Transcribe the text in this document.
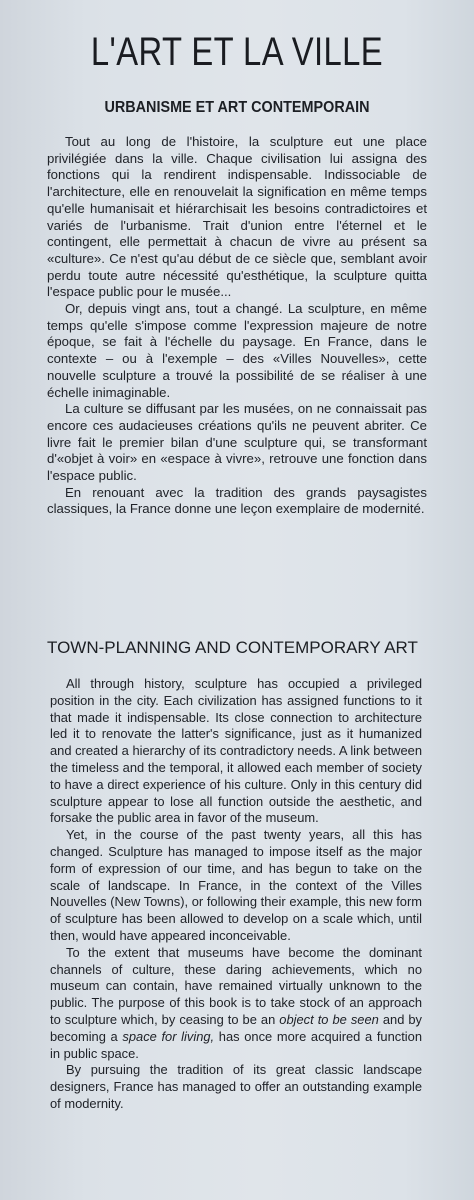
L'ART ET LA VILLE
URBANISME ET ART CONTEMPORAIN

Tout au long de l'histoire, la sculpture eut une place privilégiée dans la ville. Chaque civilisation lui assigna des fonctions qui la rendirent indispensable. Indissociable de l'architecture, elle en renouvelait la signification en même temps qu'elle humanisait et hiérarchisait les besoins contradictoires et variés de l'urbanisme. Trait d'union entre l'éternel et le contingent, elle permettait à chacun de vivre au présent sa «culture». Ce n'est qu'au début de ce siècle que, semblant avoir perdu toute autre nécessité qu'esthétique, la sculpture quitta l'espace public pour le musée...

Or, depuis vingt ans, tout a changé. La sculpture, en même temps qu'elle s'impose comme l'expression majeure de notre époque, se fait à l'échelle du paysage. En France, dans le contexte – ou à l'exemple – des «Villes Nouvelles», cette nouvelle sculpture a trouvé la possibilité de se réaliser à une échelle inimaginable.

La culture se diffusant par les musées, on ne connaissait pas encore ces audacieuses créations qu'ils ne peuvent abriter. Ce livre fait le premier bilan d'une sculpture qui, se transformant d'«objet à voir» en «espace à vivre», retrouve une fonction dans l'espace public.

En renouant avec la tradition des grands paysagistes classiques, la France donne une leçon exemplaire de modernité.

TOWN-PLANNING AND CONTEMPORARY ART

All through history, sculpture has occupied a privileged position in the city. Each civilization has assigned functions to it that made it indispensable. Its close connection to architecture led it to renovate the latter's significance, just as it humanized and created a hierarchy of its contradictory needs. A link between the timeless and the temporal, it allowed each member of society to have a direct experience of his culture. Only in this century did sculpture appear to lose all function outside the aesthetic, and forsake the public area in favor of the museum.

Yet, in the course of the past twenty years, all this has changed. Sculpture has managed to impose itself as the major form of expression of our time, and has begun to take on the scale of landscape. In France, in the context of the Villes Nouvelles (New Towns), or following their example, this new form of sculpture has been allowed to develop on a scale which, until then, would have appeared inconceivable.

To the extent that museums have become the dominant channels of culture, these daring achievements, which no museum can contain, have remained virtually unknown to the public. The purpose of this book is to take stock of an approach to sculpture which, by ceasing to be an object to be seen and by becoming a space for living, has once more acquired a function in public space.

By pursuing the tradition of its great classic landscape designers, France has managed to offer an outstanding example of modernity.
